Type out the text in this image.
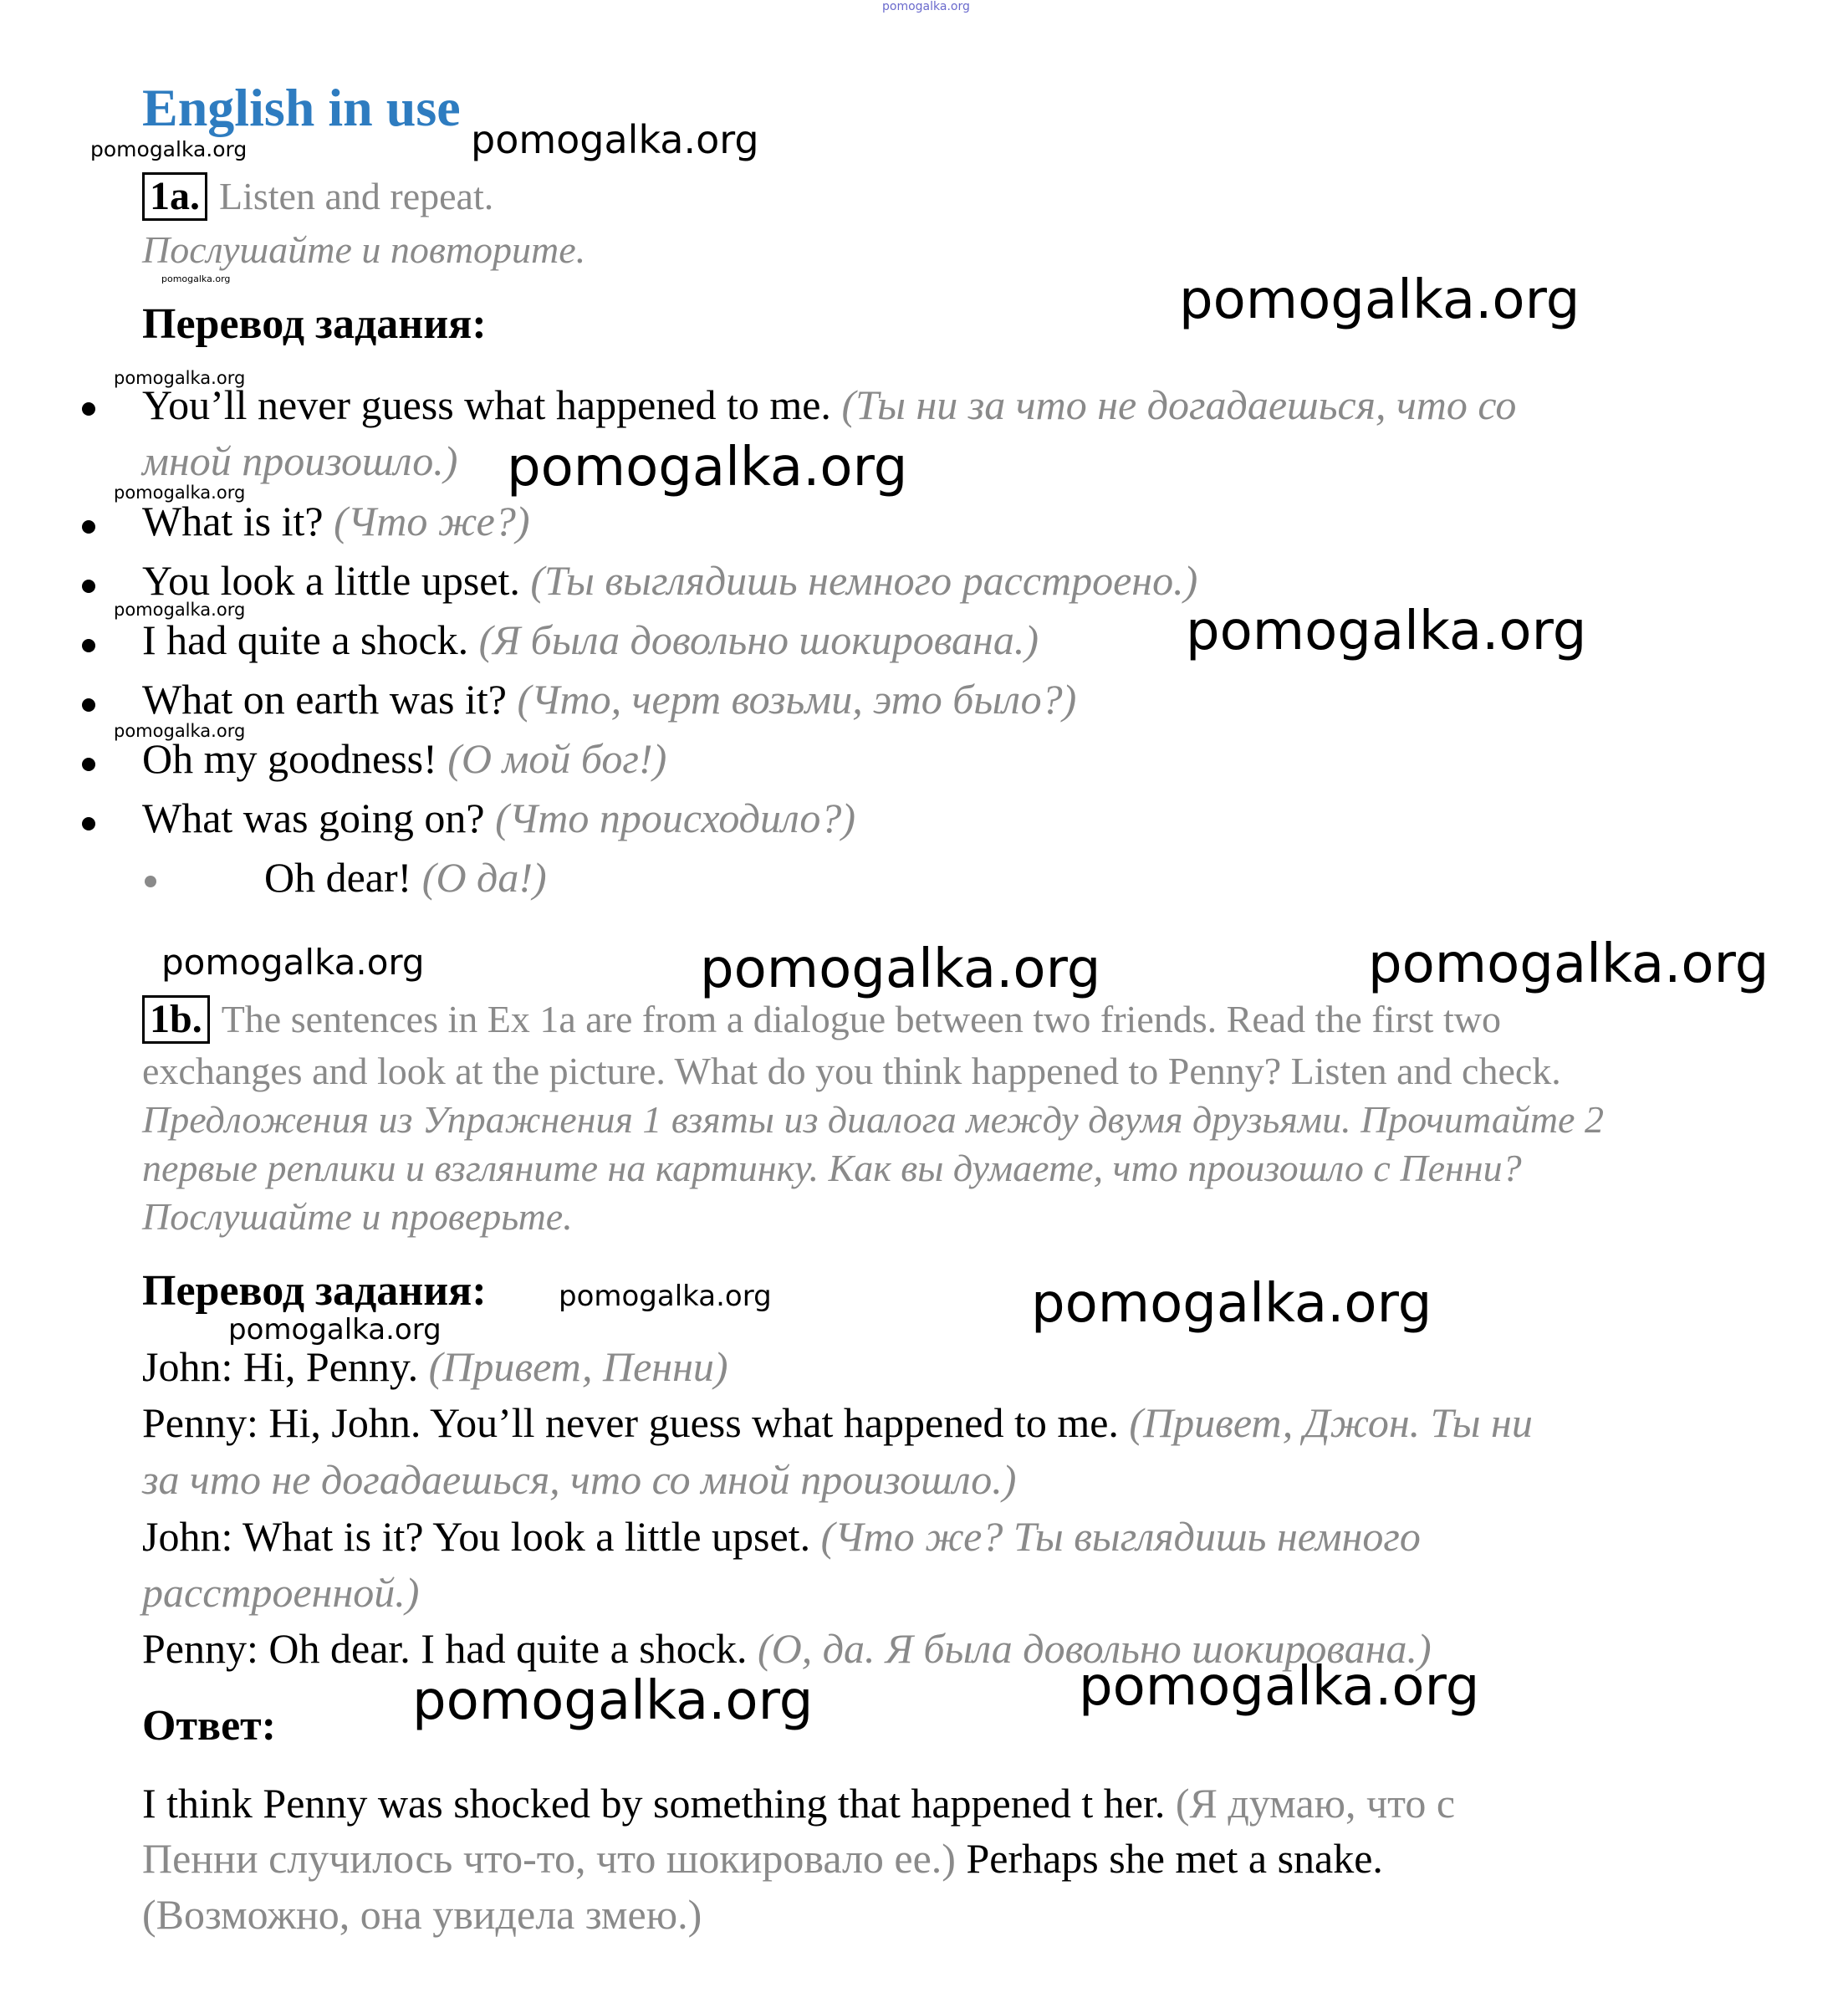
pomogalka.org
English in use
pomogalka.org	pomogalka.org
1a. Listen and repeat.
Послушайте и повторите.
pomogalka.org
Перевод задания:	pomogalka.org
pomogalka.org
You’ll never guess what happened to me. (Ты ни за что не догадаешься, что со
мной произошло.) pomogalka.org
pomogalka.org
What is it? (Что же?)
You look a little upset. (Ты выглядишь немного расстроено.)
pomogalka.org
I had quite a shock. (Я была довольно шокирована.)	pomogalka.org
What on earth was it? (Что, черт возьми, это было?)
pomogalka.org
Oh my goodness! (О мой бог!)
What was going on? (Что происходило?)
Oh dear! (О да!)
pomogalka.org	pomogalka.org	pomogalka.org
1b. The sentences in Ex 1a are from a dialogue between two friends. Read the first two
exchanges and look at the picture. What do you think happened to Penny? Listen and check.
Предложения из Упражнения 1 взяты из диалога между двумя друзьями. Прочитайте 2
первые реплики и взгляните на картинку. Как вы думаете, что произошло с Пенни?
Послушайте и проверьте.
Перевод задания:	pomogalka.org
pomogalka.org	pomogalka.org
John: Hi, Penny. (Привет, Пенни)
Penny: Hi, John. You’ll never guess what happened to me. (Привет, Джон. Ты ни
за что не догадаешься, что со мной произошло.)
John: What is it? You look a little upset. (Что же? Ты выглядишь немного
расстроенной.)
Penny: Oh dear. I had quite a shock. (О, да. Я была довольно шокирована.)
Ответ:	pomogalka.org	pomogalka.org
I think Penny was shocked by something that happened t her. (Я думаю, что с
Пенни случилось что-то, что шокировало ее.) Perhaps she met a snake.
(Возможно, она увидела змею.)
